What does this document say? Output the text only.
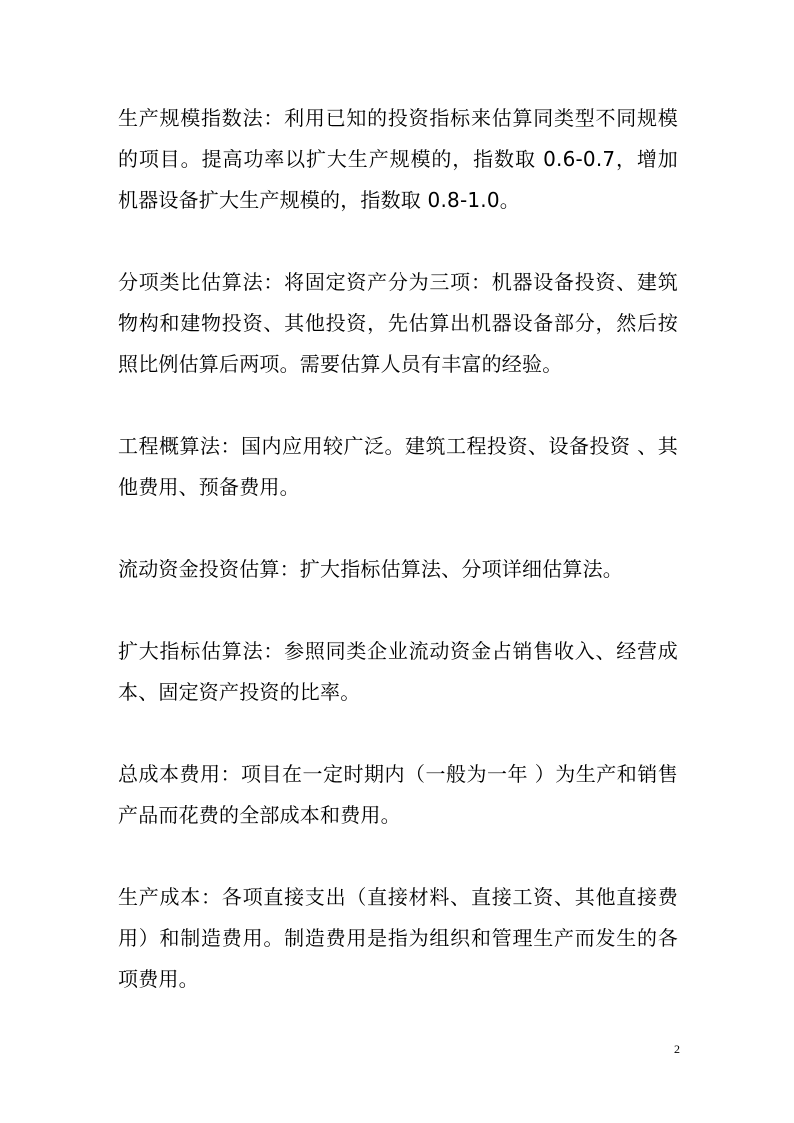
生产规模指数法：利用已知的投资指标来估算同类型不同规模的项目。提高功率以扩大生产规模的，指数取 0.6-0.7，增加机器设备扩大生产规模的，指数取 0.8-1.0。

分项类比估算法：将固定资产分为三项：机器设备投资、建筑物构和建物投资、其他投资，先估算出机器设备部分，然后按照比例估算后两项。需要估算人员有丰富的经验。

工程概算法：国内应用较广泛。建筑工程投资、设备投资 、其他费用、预备费用。

流动资金投资估算：扩大指标估算法、分项详细估算法。

扩大指标估算法：参照同类企业流动资金占销售收入、经营成本、固定资产投资的比率。

总成本费用：项目在一定时期内（一般为一年 ）为生产和销售产品而花费的全部成本和费用。

生产成本：各项直接支出（直接材料、直接工资、其他直接费用）和制造费用。制造费用是指为组织和管理生产而发生的各项费用。

2
